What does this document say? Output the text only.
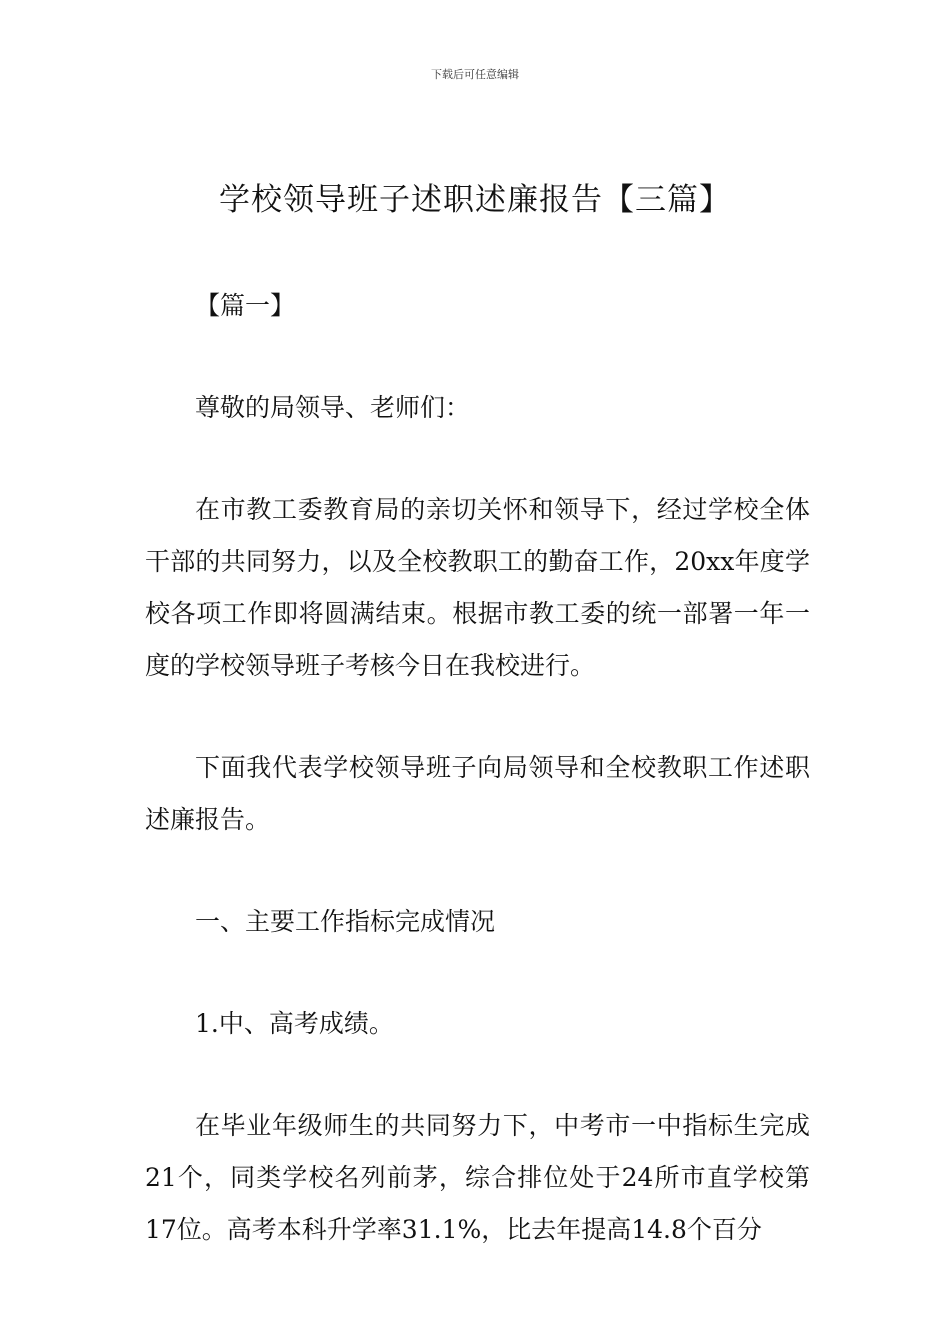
下载后可任意编辑
学校领导班子述职述廉报告【三篇】

【篇一】

尊敬的局领导、老师们：

在市教工委教育局的亲切关怀和领导下，经过学校全体干部的共同努力，以及全校教职工的勤奋工作，20xx年度学校各项工作即将圆满结束。根据市教工委的统一部署一年一度的学校领导班子考核今日在我校进行。

下面我代表学校领导班子向局领导和全校教职工作述职述廉报告。

一、主要工作指标完成情况

1.中、高考成绩。

在毕业年级师生的共同努力下，中考市一中指标生完成21个，同类学校名列前茅，综合排位处于24所市直学校第17位。高考本科升学率31.1%，比去年提高14.8个百分
